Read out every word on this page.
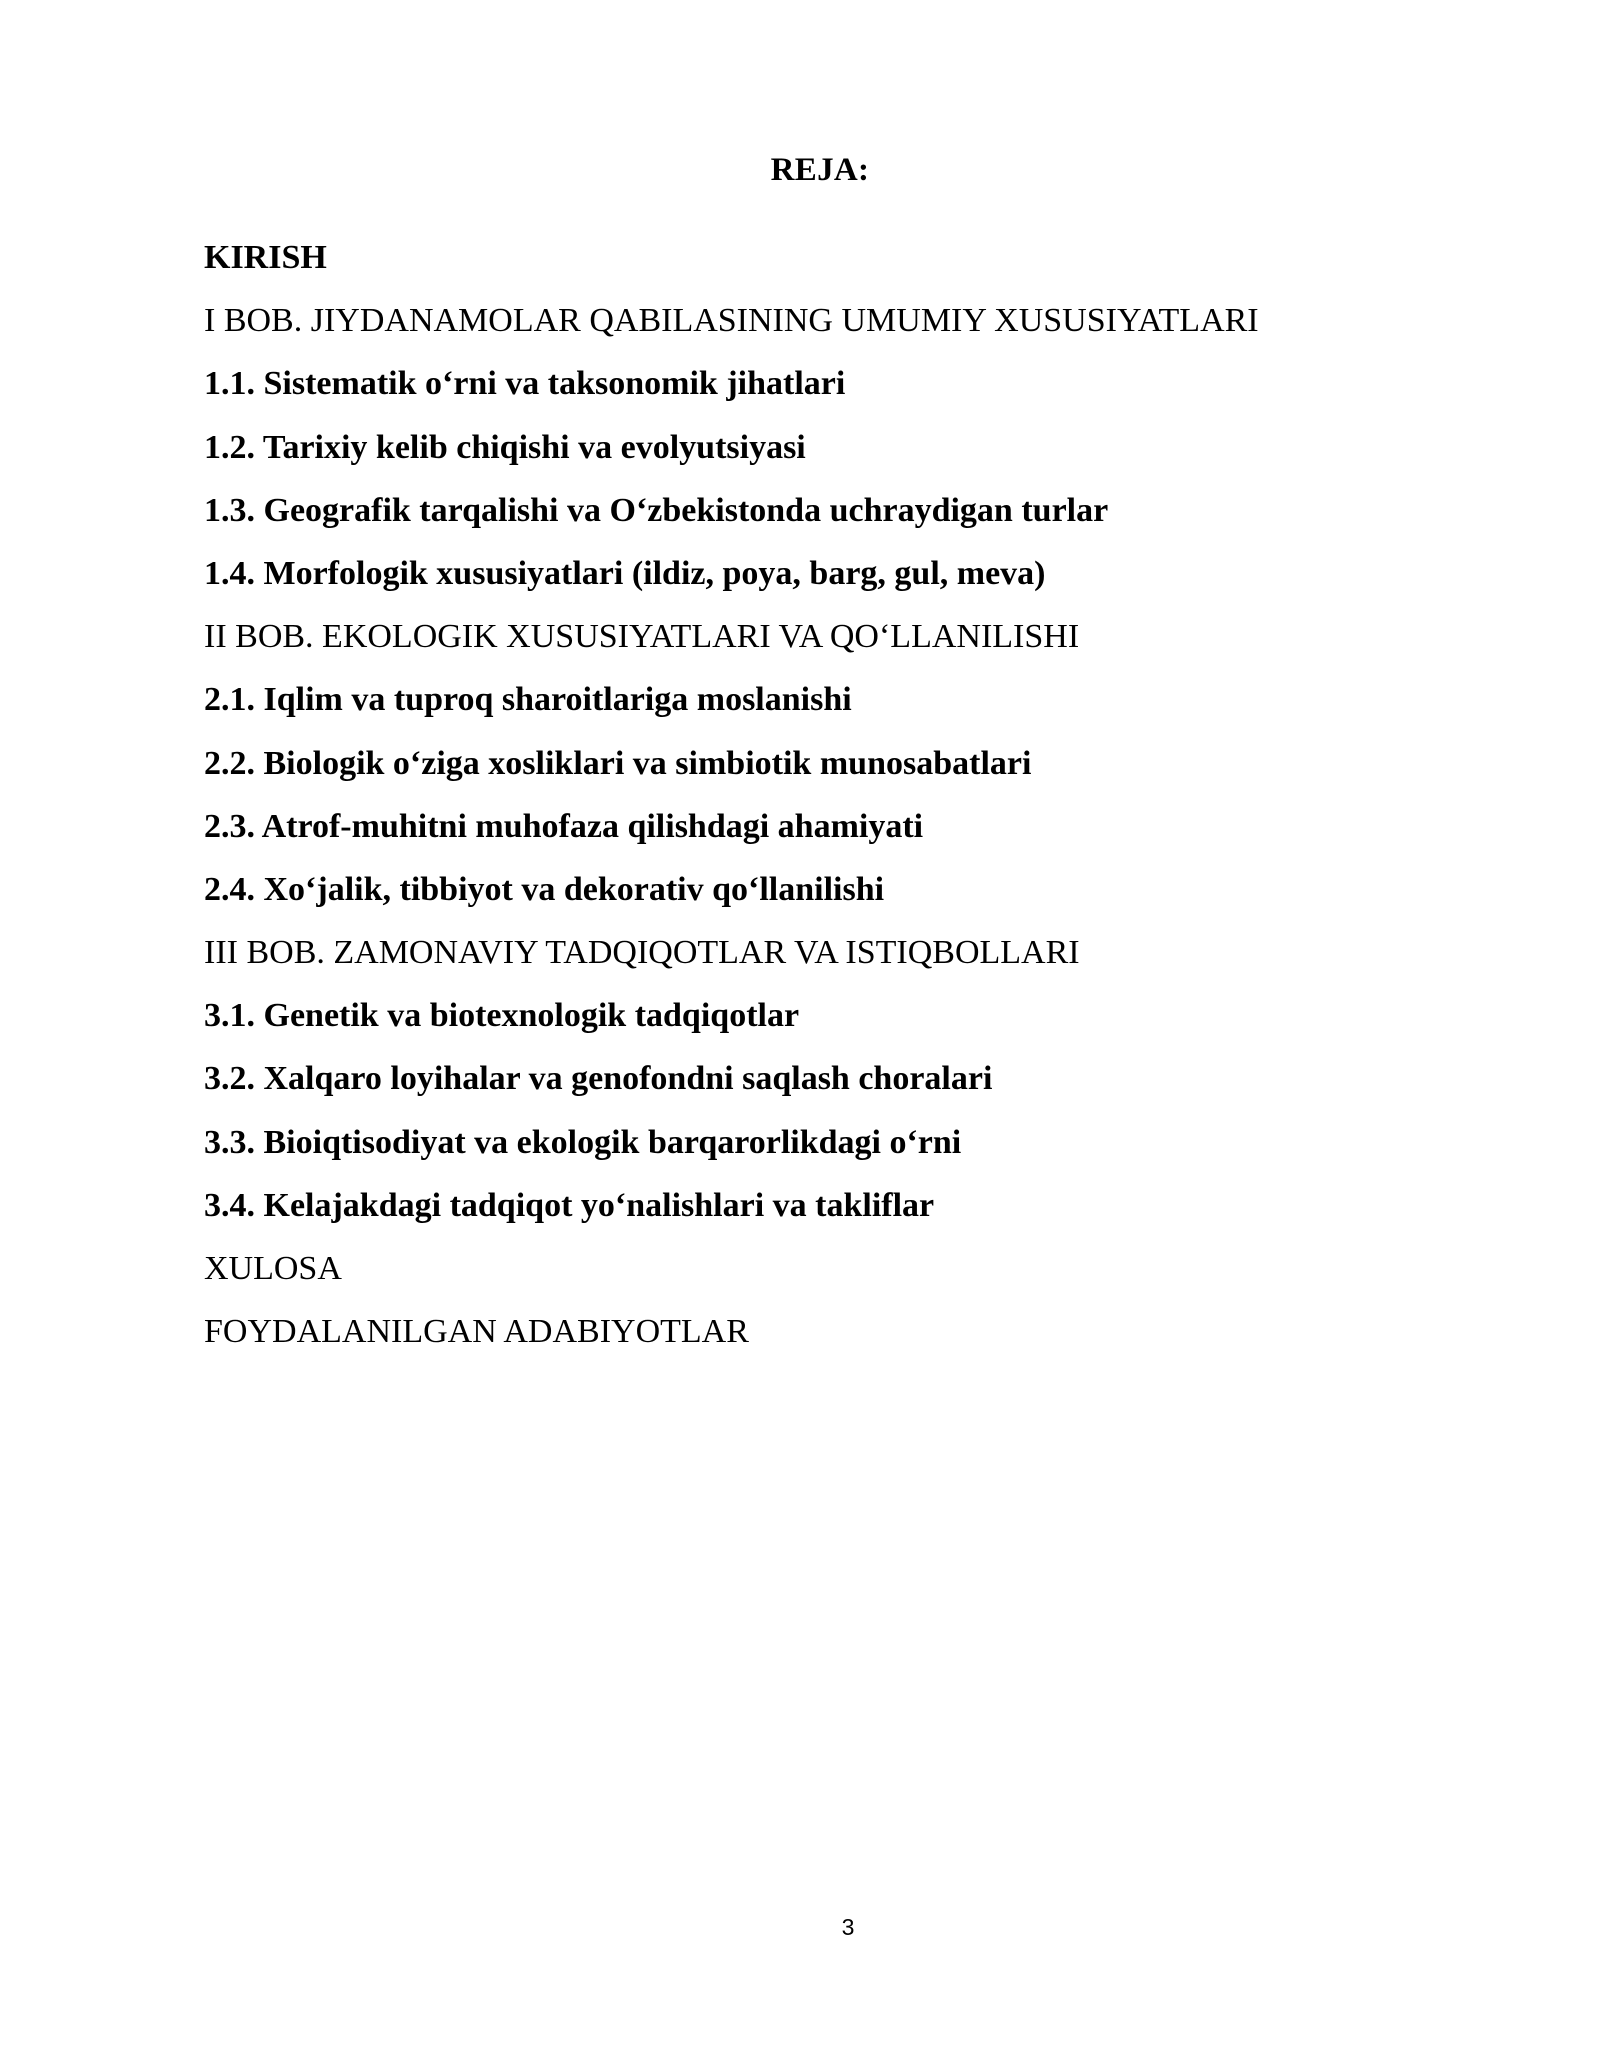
REJA:
KIRISH
I BOB. JIYDANAMOLAR QABILASINING UMUMIY XUSUSIYATLARI
1.1. Sistematik o‘rni va taksonomik jihatlari
1.2. Tarixiy kelib chiqishi va evolyutsiyasi
1.3. Geografik tarqalishi va O‘zbekistonda uchraydigan turlar
1.4. Morfologik xususiyatlari (ildiz, poya, barg, gul, meva)
II BOB. EKOLOGIK XUSUSIYATLARI VA QO‘LLANILISHI
2.1. Iqlim va tuproq sharoitlariga moslanishi
2.2. Biologik o‘ziga xosliklari va simbiotik munosabatlari
2.3. Atrof-muhitni muhofaza qilishdagi ahamiyati
2.4. Xo‘jalik, tibbiyot va dekorativ qo‘llanilishi
III BOB. ZAMONAVIY TADQIQOTLAR VA ISTIQBOLLARI
3.1. Genetik va biotexnologik tadqiqotlar
3.2. Xalqaro loyihalar va genofondni saqlash choralari
3.3. Bioiqtisodiyat va ekologik barqarorlikdagi o‘rni
3.4. Kelajakdagi tadqiqot yo‘nalishlari va takliflar
XULOSA
FOYDALANILGAN ADABIYOTLAR
3
